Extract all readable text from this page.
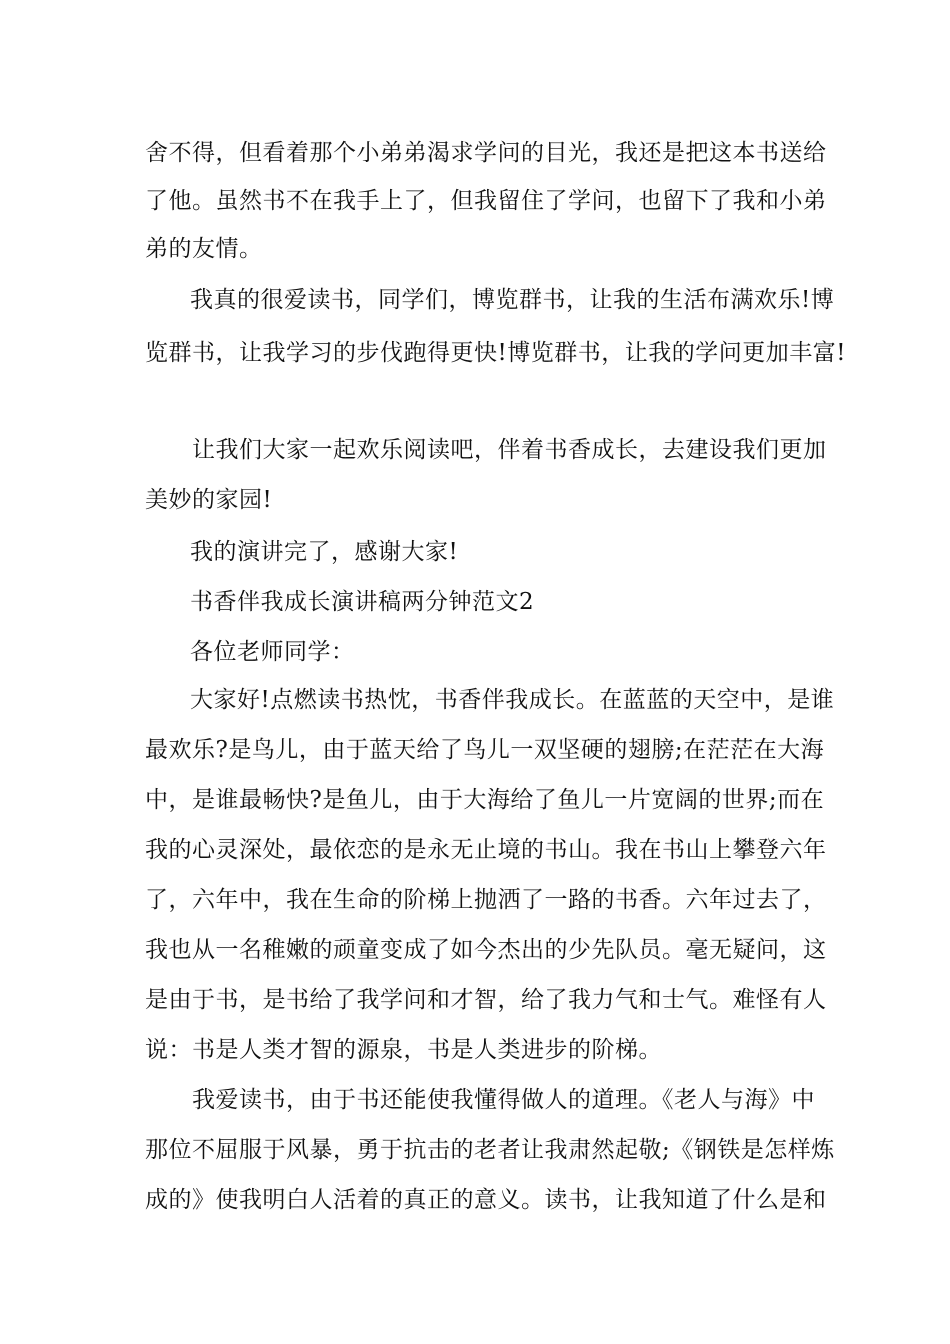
舍不得，但看着那个小弟弟渴求学问的目光，我还是把这本书送给
了他。虽然书不在我手上了，但我留住了学问，也留下了我和小弟
弟的友情。
我真的很爱读书，同学们，博览群书，让我的生活布满欢乐!博
览群书，让我学习的步伐跑得更快!博览群书，让我的学问更加丰富!
让我们大家一起欢乐阅读吧，伴着书香成长，去建设我们更加
美妙的家园!
我的演讲完了，感谢大家!
书香伴我成长演讲稿两分钟范文2
各位老师同学：
大家好!点燃读书热忱，书香伴我成长。在蓝蓝的天空中，是谁
最欢乐?是鸟儿，由于蓝天给了鸟儿一双坚硬的翅膀;在茫茫在大海
中，是谁最畅快?是鱼儿，由于大海给了鱼儿一片宽阔的世界;而在
我的心灵深处，最依恋的是永无止境的书山。我在书山上攀登六年
了，六年中，我在生命的阶梯上抛洒了一路的书香。六年过去了，
我也从一名稚嫩的顽童变成了如今杰出的少先队员。毫无疑问，这
是由于书，是书给了我学问和才智，给了我力气和士气。难怪有人
说：书是人类才智的源泉，书是人类进步的阶梯。
我爱读书，由于书还能使我懂得做人的道理。《老人与海》中
那位不屈服于风暴，勇于抗击的老者让我肃然起敬;《钢铁是怎样炼
成的》使我明白人活着的真正的意义。读书，让我知道了什么是和
